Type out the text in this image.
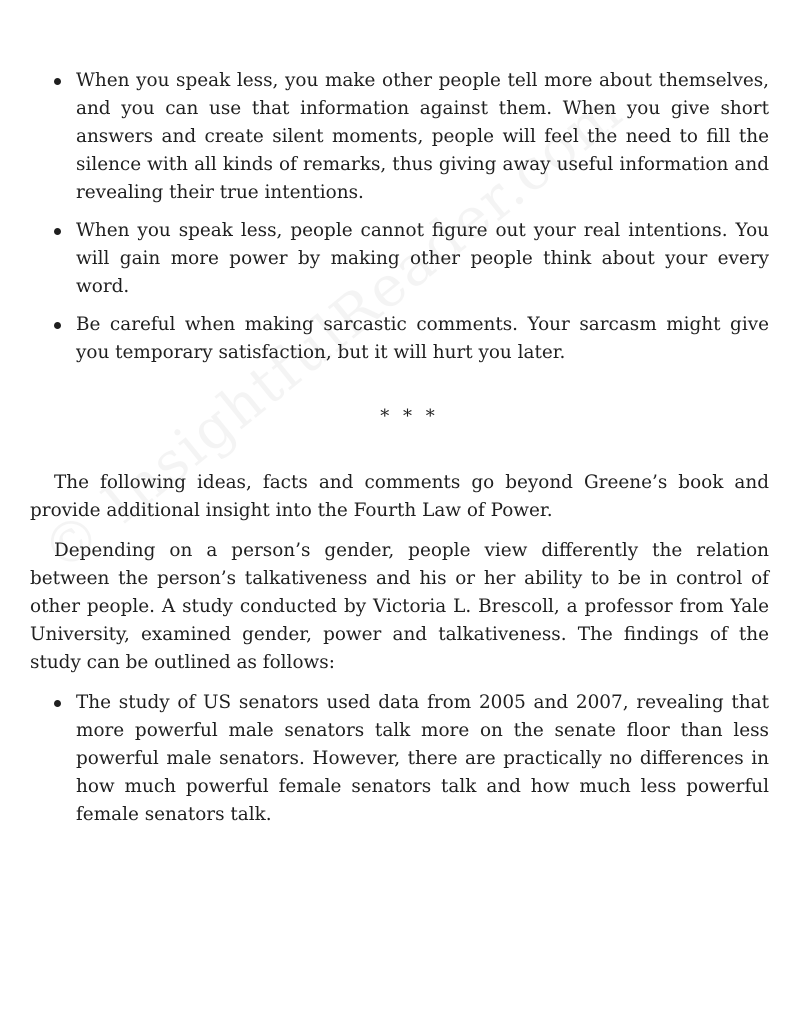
When you speak less, you make other people tell more about themselves, and you can use that information against them. When you give short answers and create silent moments, people will feel the need to fill the silence with all kinds of remarks, thus giving away useful information and revealing their true intentions.
When you speak less, people cannot figure out your real intentions. You will gain more power by making other people think about your every word.
Be careful when making sarcastic comments. Your sarcasm might give you temporary satisfaction, but it will hurt you later.
* * *

The following ideas, facts and comments go beyond Greene’s book and provide additional insight into the Fourth Law of Power.

Depending on a person’s gender, people view differently the relation between the person’s talkativeness and his or her ability to be in control of other people. A study conducted by Victoria L. Brescoll, a professor from Yale University, examined gender, power and talkativeness. The findings of the study can be outlined as follows:

The study of US senators used data from 2005 and 2007, revealing that more powerful male senators talk more on the senate floor than less powerful male senators. However, there are practically no differences in how much powerful female senators talk and how much less powerful female senators talk.
